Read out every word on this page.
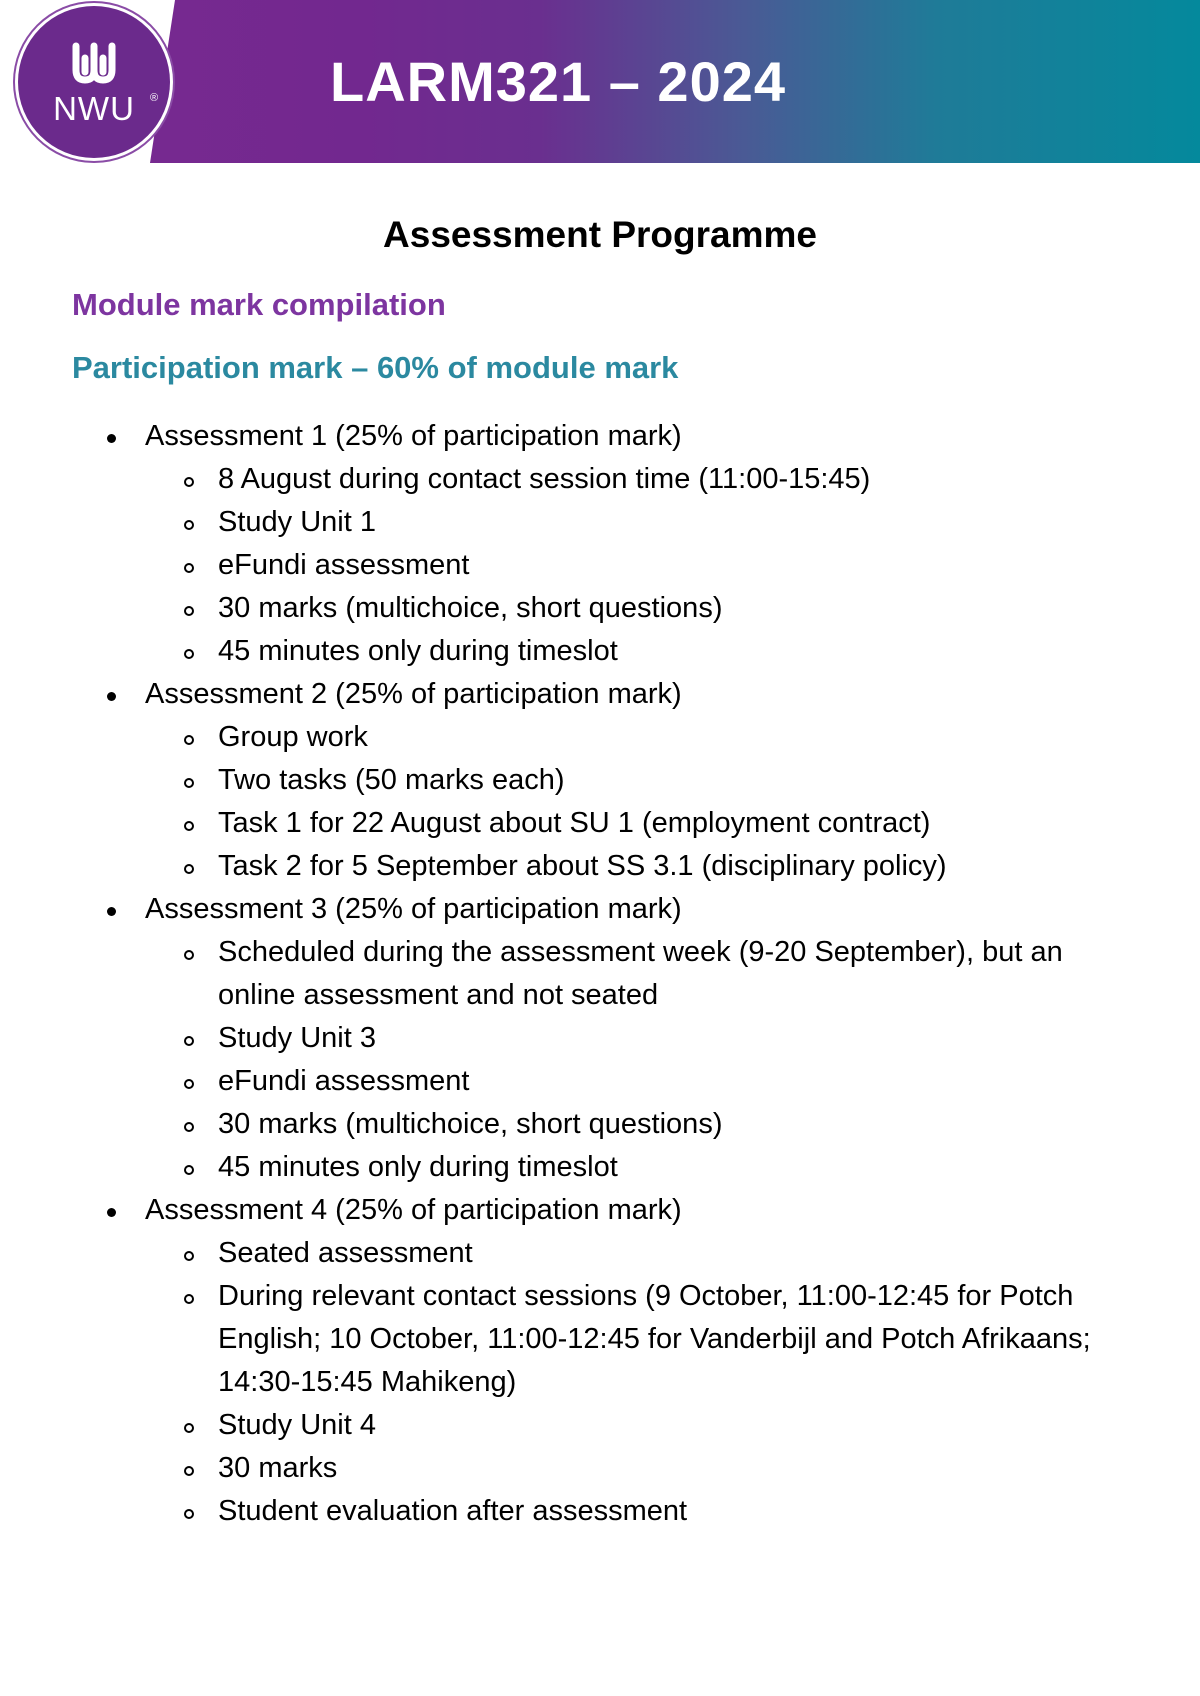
NWU	®	LARM321 – 2024
Assessment Programme
Module mark compilation
Participation mark – 60% of module mark
Assessment 1 (25% of participation mark)
8 August during contact session time (11:00-15:45)
Study Unit 1
eFundi assessment
30 marks (multichoice, short questions)
45 minutes only during timeslot
Assessment 2 (25% of participation mark)
Group work
Two tasks (50 marks each)
Task 1 for 22 August about SU 1 (employment contract)
Task 2 for 5 September about SS 3.1 (disciplinary policy)
Assessment 3 (25% of participation mark)
Scheduled during the assessment week (9-20 September), but an online assessment and not seated
Study Unit 3
eFundi assessment
30 marks (multichoice, short questions)
45 minutes only during timeslot
Assessment 4 (25% of participation mark)
Seated assessment
During relevant contact sessions (9 October, 11:00-12:45 for Potch English; 10 October, 11:00-12:45 for Vanderbijl and Potch Afrikaans; 14:30-15:45 Mahikeng)
Study Unit 4
30 marks
Student evaluation after assessment
